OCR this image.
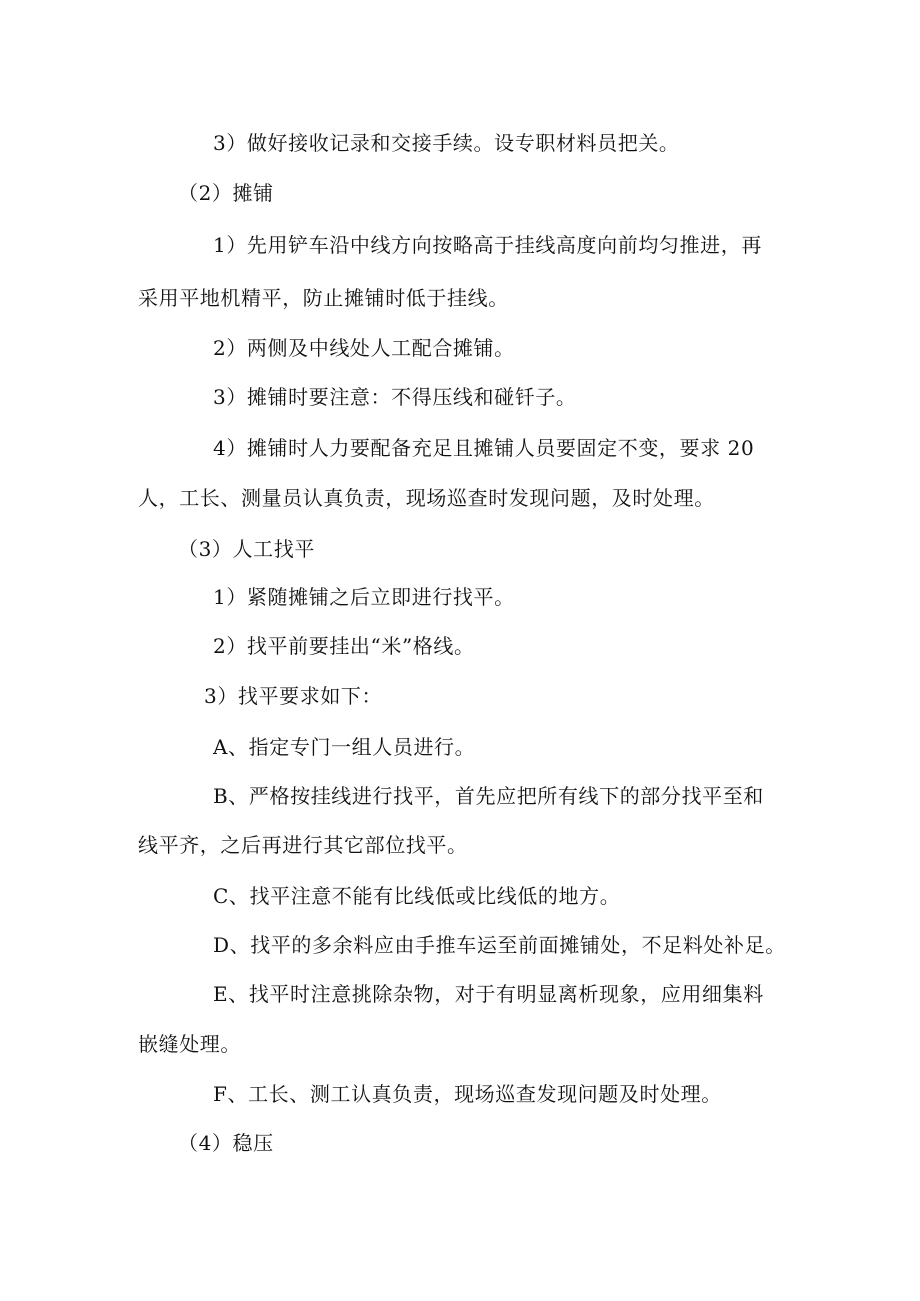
3）做好接收记录和交接手续。设专职材料员把关。
（2）摊铺
1）先用铲车沿中线方向按略高于挂线高度向前均匀推进，再
采用平地机精平，防止摊铺时低于挂线。
2）两侧及中线处人工配合摊铺。
3）摊铺时要注意：不得压线和碰钎子。
4）摊铺时人力要配备充足且摊铺人员要固定不变，要求 20
人，工长、测量员认真负责，现场巡查时发现问题，及时处理。
（3）人工找平
1）紧随摊铺之后立即进行找平。
2）找平前要挂出“米”格线。
3）找平要求如下：
A、指定专门一组人员进行。
B、严格按挂线进行找平，首先应把所有线下的部分找平至和
线平齐，之后再进行其它部位找平。
C、找平注意不能有比线低或比线低的地方。
D、找平的多余料应由手推车运至前面摊铺处，不足料处补足。
E、找平时注意挑除杂物，对于有明显离析现象，应用细集料
嵌缝处理。
F、工长、测工认真负责，现场巡查发现问题及时处理。
（4）稳压
